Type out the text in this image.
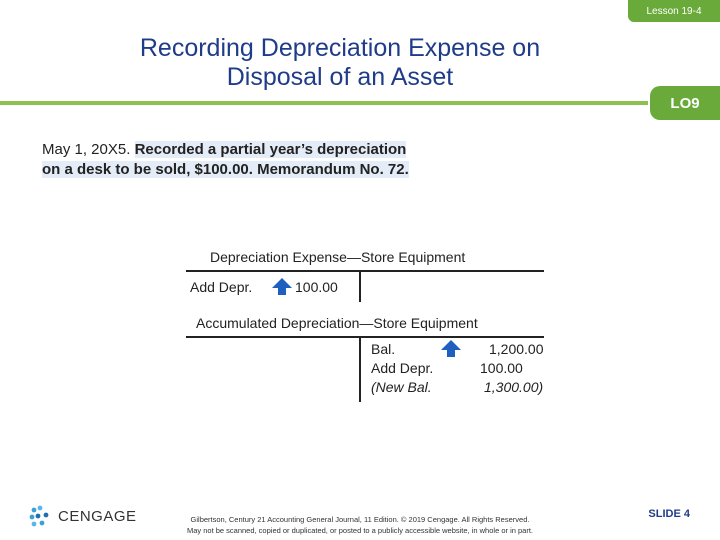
Lesson 19-4
Recording Depreciation Expense on
Disposal of an Asset
LO9
May 1, 20X5. Recorded a partial year’s depreciation
on a desk to be sold, $100.00. Memorandum No. 72.
Depreciation Expense—Store Equipment
Add Depr.	100.00
Accumulated Depreciation—Store Equipment
Bal.	1,200.00
Add Depr.	100.00
(New Bal.	1,300.00)
CENGAGE	Gilbertson, Century 21 Accounting General Journal, 11 Edition. © 2019 Cengage. All Rights Reserved.
May not be scanned, copied or duplicated, or posted to a publicly accessible website, in whole or in part.
SLIDE 4
